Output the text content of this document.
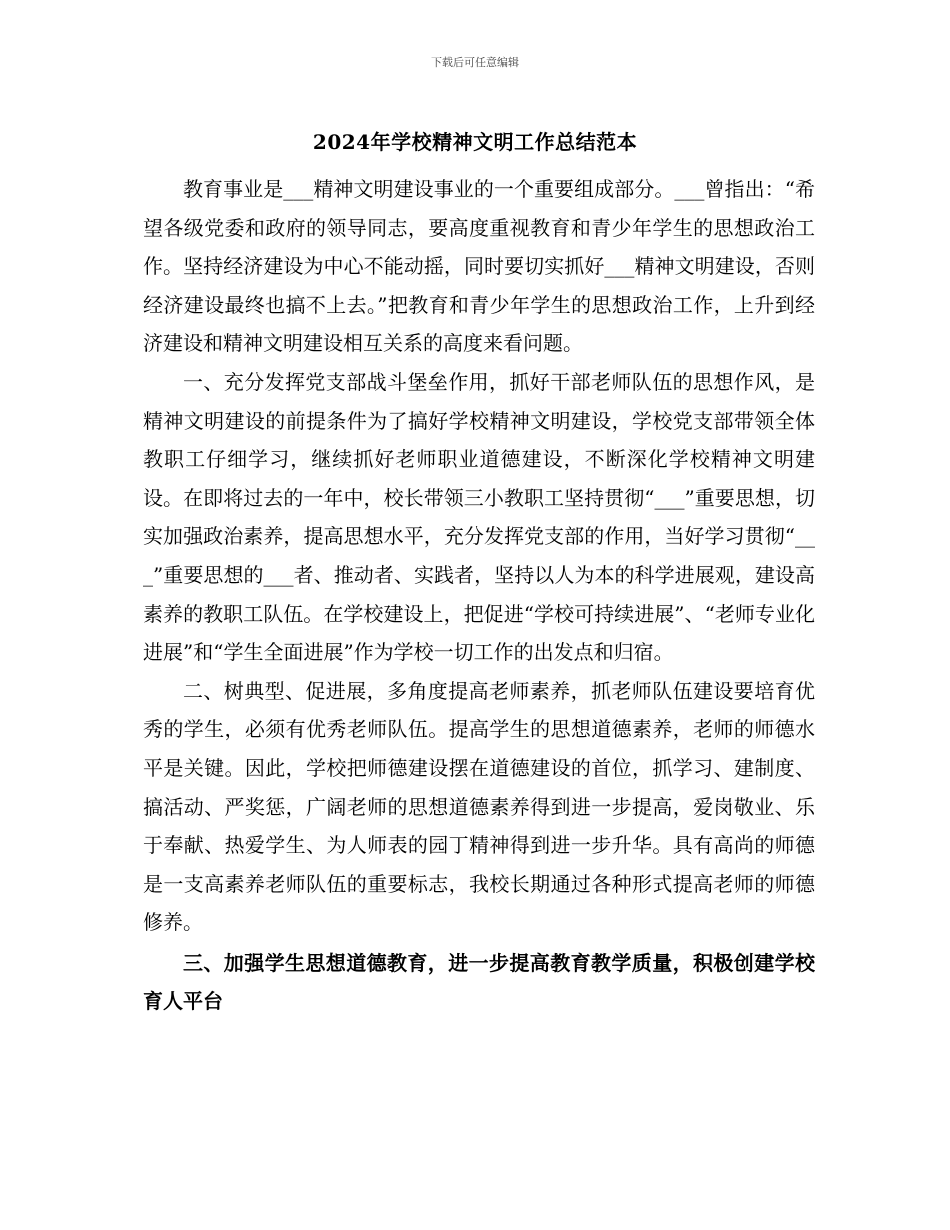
下载后可任意编辑
2024年学校精神文明工作总结范本

教育事业是___精神文明建设事业的一个重要组成部分。___曾指出：“希望各级党委和政府的领导同志，要高度重视教育和青少年学生的思想政治工作。坚持经济建设为中心不能动摇，同时要切实抓好___精神文明建设，否则经济建设最终也搞不上去。”把教育和青少年学生的思想政治工作，上升到经济建设和精神文明建设相互关系的高度来看问题。

一、充分发挥党支部战斗堡垒作用，抓好干部老师队伍的思想作风，是精神文明建设的前提条件为了搞好学校精神文明建设，学校党支部带领全体教职工仔细学习，继续抓好老师职业道德建设，不断深化学校精神文明建设。在即将过去的一年中，校长带领三小教职工坚持贯彻“___”重要思想，切实加强政治素养，提高思想水平，充分发挥党支部的作用，当好学习贯彻“___”重要思想的___者、推动者、实践者，坚持以人为本的科学进展观，建设高素养的教职工队伍。在学校建设上，把促进“学校可持续进展”、“老师专业化进展”和“学生全面进展”作为学校一切工作的出发点和归宿。

二、树典型、促进展，多角度提高老师素养，抓老师队伍建设要培育优秀的学生，必须有优秀老师队伍。提高学生的思想道德素养，老师的师德水平是关键。因此，学校把师德建设摆在道德建设的首位，抓学习、建制度、搞活动、严奖惩，广阔老师的思想道德素养得到进一步提高，爱岗敬业、乐于奉献、热爱学生、为人师表的园丁精神得到进一步升华。具有高尚的师德是一支高素养老师队伍的重要标志，我校长期通过各种形式提高老师的师德修养。

三、加强学生思想道德教育，进一步提高教育教学质量，积极创建学校育人平台
